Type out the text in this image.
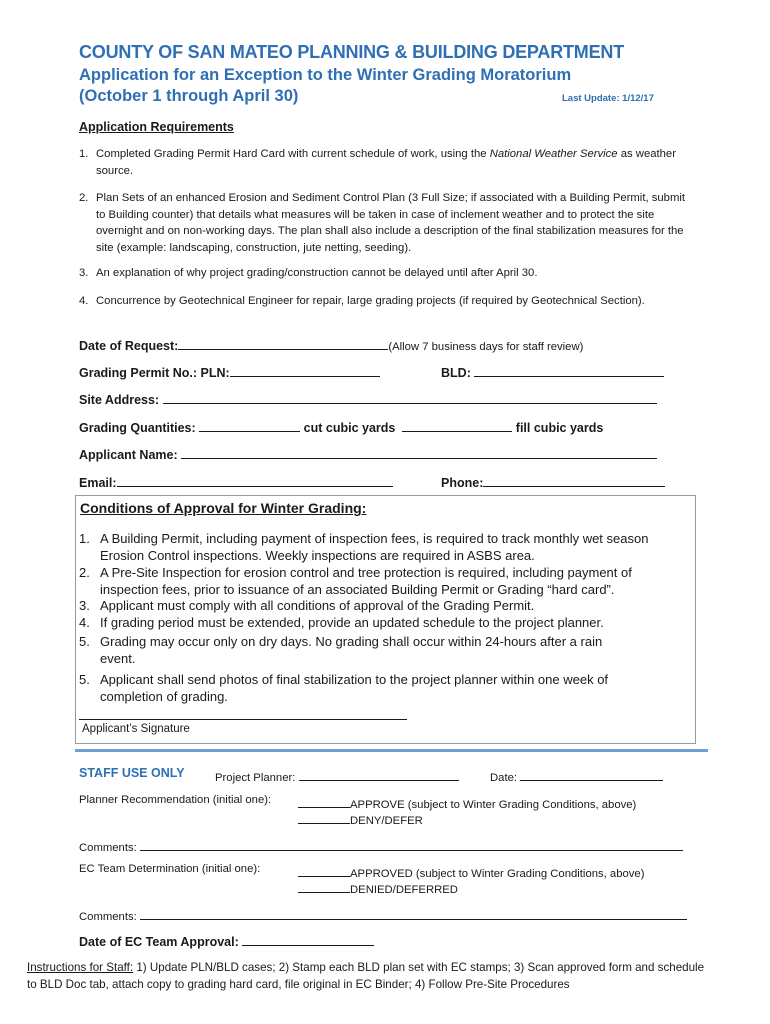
COUNTY OF SAN MATEO PLANNING & BUILDING DEPARTMENT
Application for an Exception to the Winter Grading Moratorium
(October 1 through April 30)	Last Update: 1/12/17
Application Requirements
1. Completed Grading Permit Hard Card with current schedule of work, using the National Weather Service as weather source.
2. Plan Sets of an enhanced Erosion and Sediment Control Plan (3 Full Size; if associated with a Building Permit, submit to Building counter) that details what measures will be taken in case of inclement weather and to protect the site overnight and on non-working days. The plan shall also include a description of the final stabilization measures for the site (example: landscaping, construction, jute netting, seeding).
3. An explanation of why project grading/construction cannot be delayed until after April 30.
4. Concurrence by Geotechnical Engineer for repair, large grading projects (if required by Geotechnical Section).
Date of Request:	(Allow 7 business days for staff review)
Grading Permit No.: PLN:	BLD:
Site Address:
Grading Quantities:	cut cubic yards	fill cubic yards
Applicant Name:
Email:	Phone:
Conditions of Approval for Winter Grading:
1. A Building Permit, including payment of inspection fees, is required to track monthly wet season Erosion Control inspections. Weekly inspections are required in ASBS area.
2. A Pre-Site Inspection for erosion control and tree protection is required, including payment of inspection fees, prior to issuance of an associated Building Permit or Grading “hard card”.
3. Applicant must comply with all conditions of approval of the Grading Permit.
4. If grading period must be extended, provide an updated schedule to the project planner.
5. Grading may occur only on dry days. No grading shall occur within 24-hours after a rain event.
5. Applicant shall send photos of final stabilization to the project planner within one week of completion of grading.
Applicant’s Signature
STAFF USE ONLY	Project Planner:	Date:
Planner Recommendation (initial one):	APPROVE (subject to Winter Grading Conditions, above)
DENY/DEFER
Comments:
EC Team Determination (initial one):	APPROVED (subject to Winter Grading Conditions, above)
DENIED/DEFERRED
Comments:
Date of EC Team Approval:
Instructions for Staff: 1) Update PLN/BLD cases; 2) Stamp each BLD plan set with EC stamps; 3) Scan approved form and schedule
to BLD Doc tab, attach copy to grading hard card, file original in EC Binder; 4) Follow Pre-Site Procedures
